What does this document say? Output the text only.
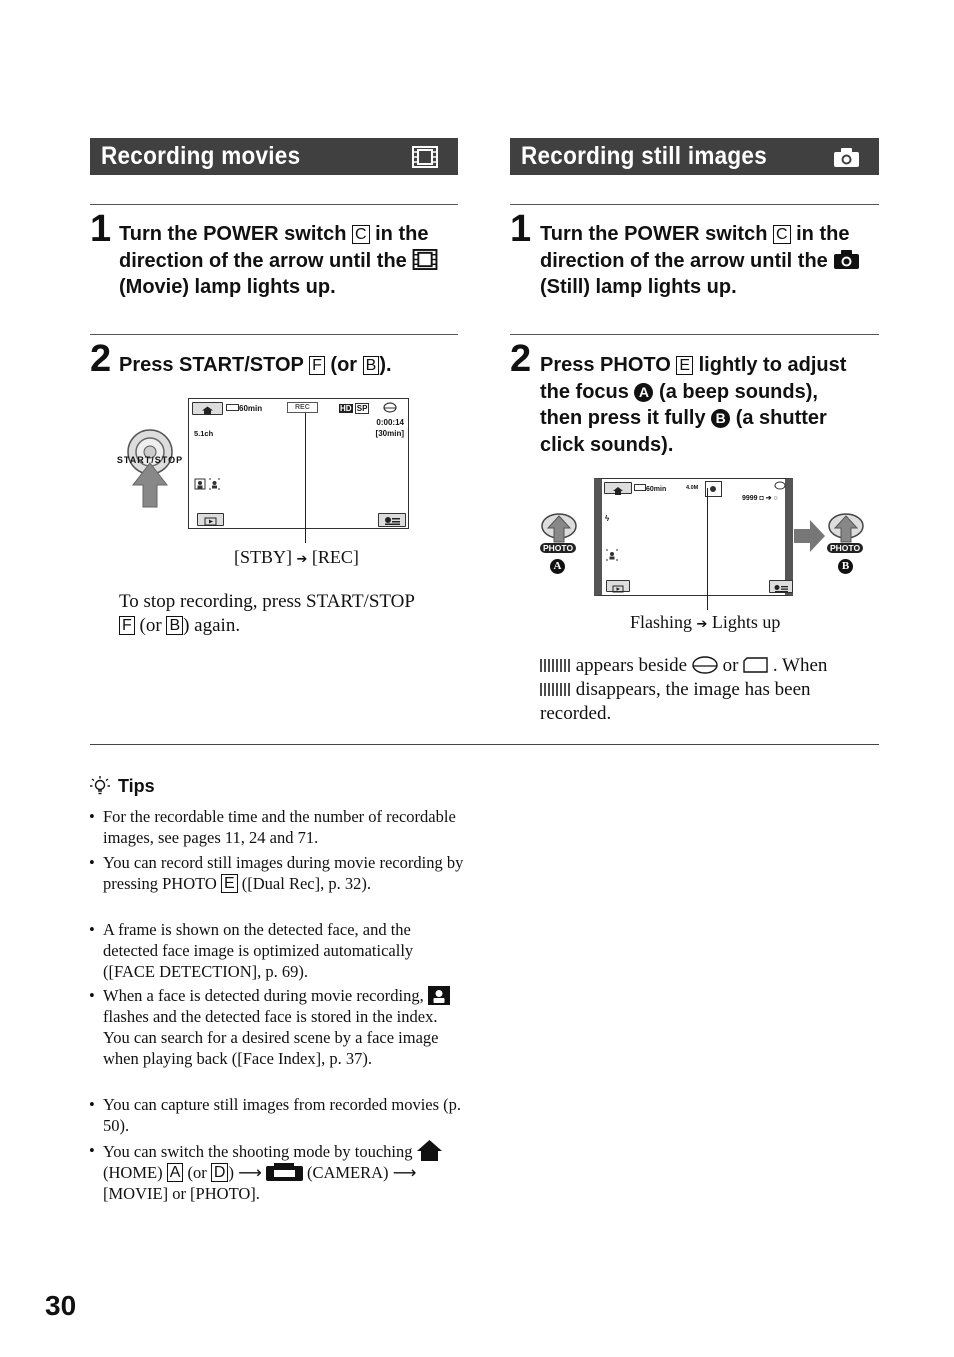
Recording movies
1 Turn the POWER switch C in the
direction of the arrow until the
(Movie) lamp lights up.
2 Press START/STOP F (or B ).
START/STOP
60min	REC	HD SP
5.1ch
0:00:14
[30min]
[STBY] ➔ [REC]
To stop recording, press START/STOP
F (or B ) again.
Recording still images
1 Turn the POWER switch C in the
direction of the arrow until the
(Still) lamp lights up.
2 Press PHOTO E lightly to adjust
the focus A (a beep sounds),
then press it fully B (a shutter
click sounds).
PHOTO
A
60min	4.0M
9999 ◘ ➔ ○
ϟ
PHOTO
B
Flashing ➔ Lights up
appears beside or . When
disappears, the image has been
recorded.
Tips
• For the recordable time and the number of recordable images, see pages 11, 24 and 71.
• You can record still images during movie recording by pressing PHOTO E ([Dual Rec], p. 32).
• A frame is shown on the detected face, and the detected face image is optimized automatically ([FACE DETECTION], p. 69).
• When a face is detected during movie recording,  flashes and the detected face is stored in the index. You can search for a desired scene by a face image when playing back ([Face Index], p. 37).
• You can capture still images from recorded movies (p. 50).
• You can switch the shooting mode by touching  (HOME) A (or D ) ⟶	(CAMERA) ⟶ [MOVIE] or [PHOTO].
30
